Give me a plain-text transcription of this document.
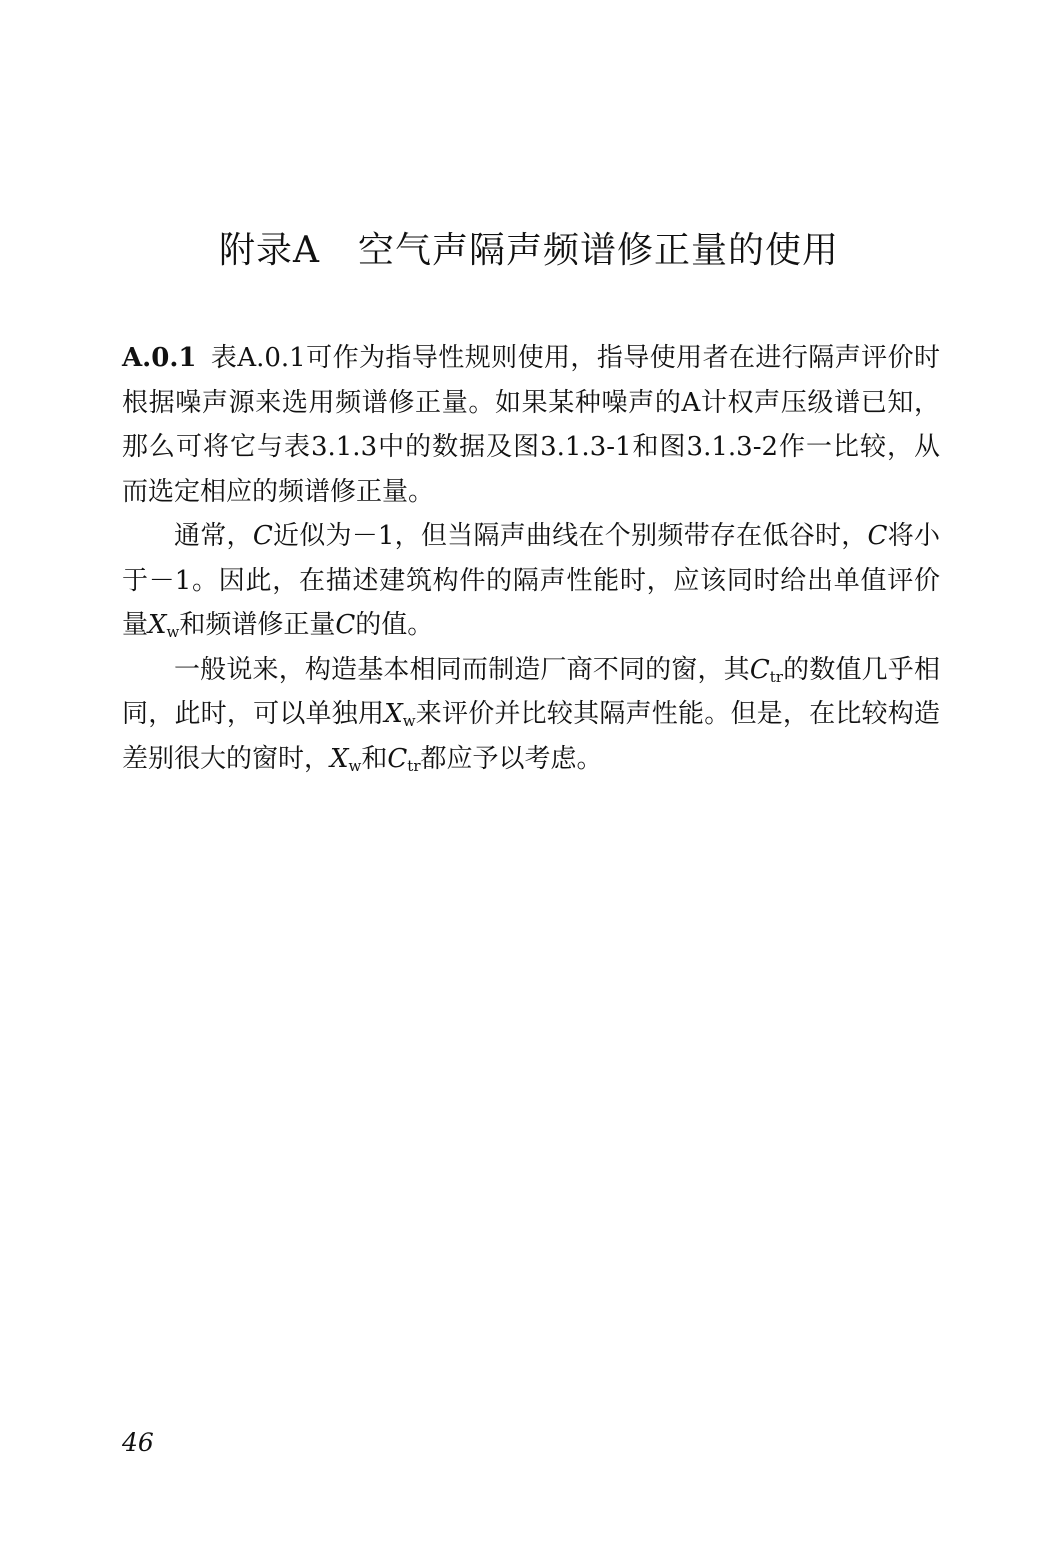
附录A 空气声隔声频谱修正量的使用

A.0.1 表A.0.1可作为指导性规则使用，指导使用者在进行隔声评价时根据噪声源来选用频谱修正量。如果某种噪声的A计权声压级谱已知，那么可将它与表3.1.3中的数据及图3.1.3-1和图3.1.3-2作一比较，从而选定相应的频谱修正量。

通常，C近似为－1，但当隔声曲线在个别频带存在低谷时，C将小于－1。因此，在描述建筑构件的隔声性能时，应该同时给出单值评价量$X_w$和频谱修正量C的值。

一般说来，构造基本相同而制造厂商不同的窗，其$C_{tr}$的数值几乎相同，此时，可以单独用$X_w$来评价并比较其隔声性能。但是，在比较构造差别很大的窗时，$X_w$和$C_{tr}$都应予以考虑。

46
